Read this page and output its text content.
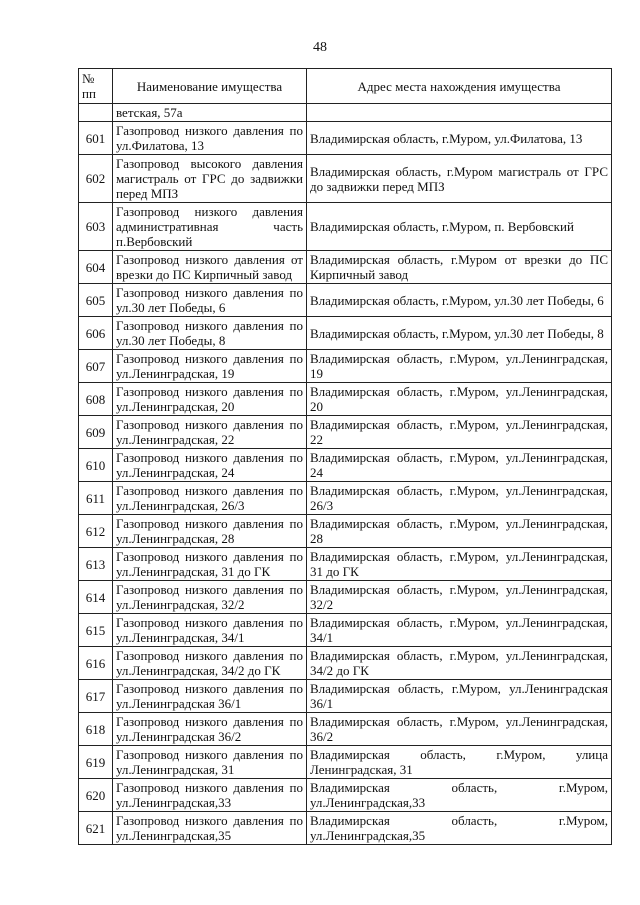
48
№ пп	Наименование имущества	Адрес места нахождения имущества
	ветская, 57а	
601	Газопровод низкого давления по ул.Филатова, 13	Владимирская область, г.Муром, ул.Филатова, 13
602	Газопровод высокого давления магистраль от ГРС до задвижки перед МПЗ	Владимирская область, г.Муром магистраль от ГРС до задвижки перед МПЗ
603	Газопровод низкого давления административная часть п.Вербовский	Владимирская область, г.Муром, п. Вербовский
604	Газопровод низкого давления от врезки до ПС Кирпичный завод	Владимирская область, г.Муром от врезки до ПС Кирпичный завод
605	Газопровод низкого давления по ул.30 лет Победы, 6	Владимирская область, г.Муром, ул.30 лет Победы, 6
606	Газопровод низкого давления по ул.30 лет Победы, 8	Владимирская область, г.Муром, ул.30 лет Победы, 8
607	Газопровод низкого давления по ул.Ленинградская, 19	Владимирская область, г.Муром, ул.Ленинградская, 19
608	Газопровод низкого давления по ул.Ленинградская, 20	Владимирская область, г.Муром, ул.Ленинградская, 20
609	Газопровод низкого давления по ул.Ленинградская, 22	Владимирская область, г.Муром, ул.Ленинградская, 22
610	Газопровод низкого давления по ул.Ленинградская, 24	Владимирская область, г.Муром, ул.Ленинградская, 24
611	Газопровод низкого давления по ул.Ленинградская, 26/3	Владимирская область, г.Муром, ул.Ленинградская, 26/3
612	Газопровод низкого давления по ул.Ленинградская, 28	Владимирская область, г.Муром, ул.Ленинградская, 28
613	Газопровод низкого давления по ул.Ленинградская, 31 до ГК	Владимирская область, г.Муром, ул.Ленинградская, 31 до ГК
614	Газопровод низкого давления по ул.Ленинградская, 32/2	Владимирская область, г.Муром, ул.Ленинградская, 32/2
615	Газопровод низкого давления по ул.Ленинградская, 34/1	Владимирская область, г.Муром, ул.Ленинградская, 34/1
616	Газопровод низкого давления по ул.Ленинградская, 34/2 до ГК	Владимирская область, г.Муром, ул.Ленинградская, 34/2 до ГК
617	Газопровод низкого давления по ул.Ленинградская 36/1	Владимирская область, г.Муром, ул.Ленинградская 36/1
618	Газопровод низкого давления по ул.Ленинградская 36/2	Владимирская область, г.Муром, ул.Ленинградская, 36/2
619	Газопровод низкого давления по ул.Ленинградская, 31	Владимирская область, г.Муром, улица Ленинградская, 31
620	Газопровод низкого давления по ул.Ленинградская,33	Владимирская область, г.Муром, ул.Ленинградская,33
621	Газопровод низкого давления по ул.Ленинградская,35	Владимирская область, г.Муром, ул.Ленинградская,35
